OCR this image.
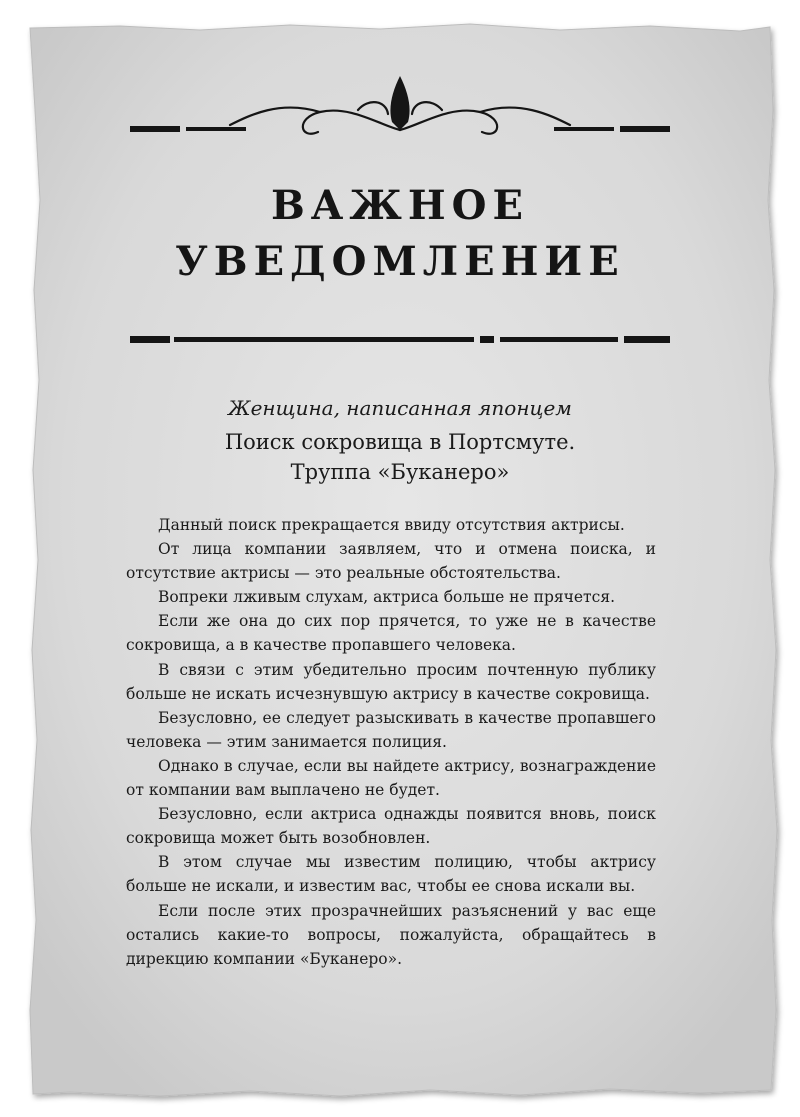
ВАЖНОЕ
УВЕДОМЛЕНИЕ

Женщина, написанная японцем

Поиск сокровища в Портсмуте.

Труппа «Буканеро»

Данный поиск прекращается ввиду отсутствия актрисы.

От лица компании заявляем, что и отмена поиска, и отсутствие актрисы — это реальные обстоятельства.

Вопреки лживым слухам, актриса больше не прячется.

Если же она до сих пор прячется, то уже не в качестве сокровища, а в качестве пропавшего человека.

В связи с этим убедительно просим почтенную публику больше не искать исчезнувшую актрису в качестве сокровища.

Безусловно, ее следует разыскивать в качестве пропавшего человека — этим занимается полиция.

Однако в случае, если вы найдете актрису, вознаграждение от компании вам выплачено не будет.

Безусловно, если актриса однажды появится вновь, поиск сокровища может быть возобновлен.

В этом случае мы известим полицию, чтобы актрису больше не искали, и известим вас, чтобы ее снова искали вы.

Если после этих прозрачнейших разъяснений у вас еще остались какие-то вопросы, пожалуйста, обращайтесь в дирекцию компании «Буканеро».
